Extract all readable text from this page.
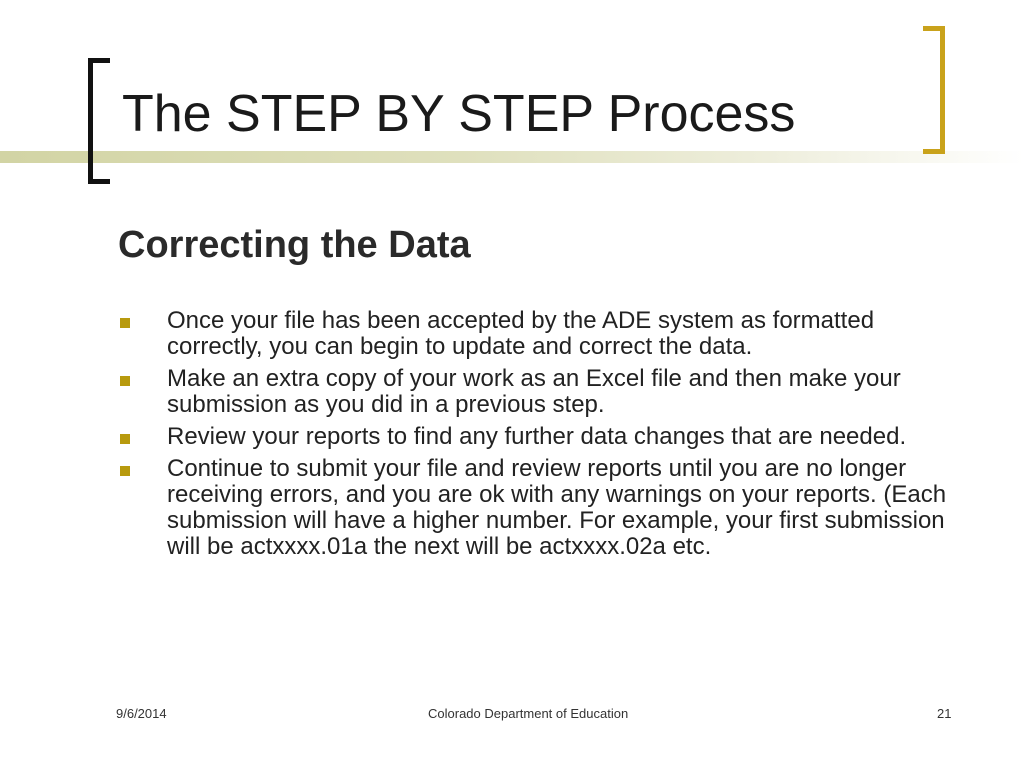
The STEP BY STEP Process
Correcting the Data
Once your file has been accepted by the ADE system as formatted correctly, you can begin to update and correct the data.
Make an extra copy of your work as an Excel file and then make your submission as you did in a previous step.
Review your reports to find any further data changes that are needed.
Continue to submit your file and review reports until you are no longer receiving errors, and you are ok with any warnings on your reports. (Each submission will have a higher number. For example, your first submission will be actxxxx.01a the next will be actxxxx.02a etc.
9/6/2014	Colorado Department of Education	21
